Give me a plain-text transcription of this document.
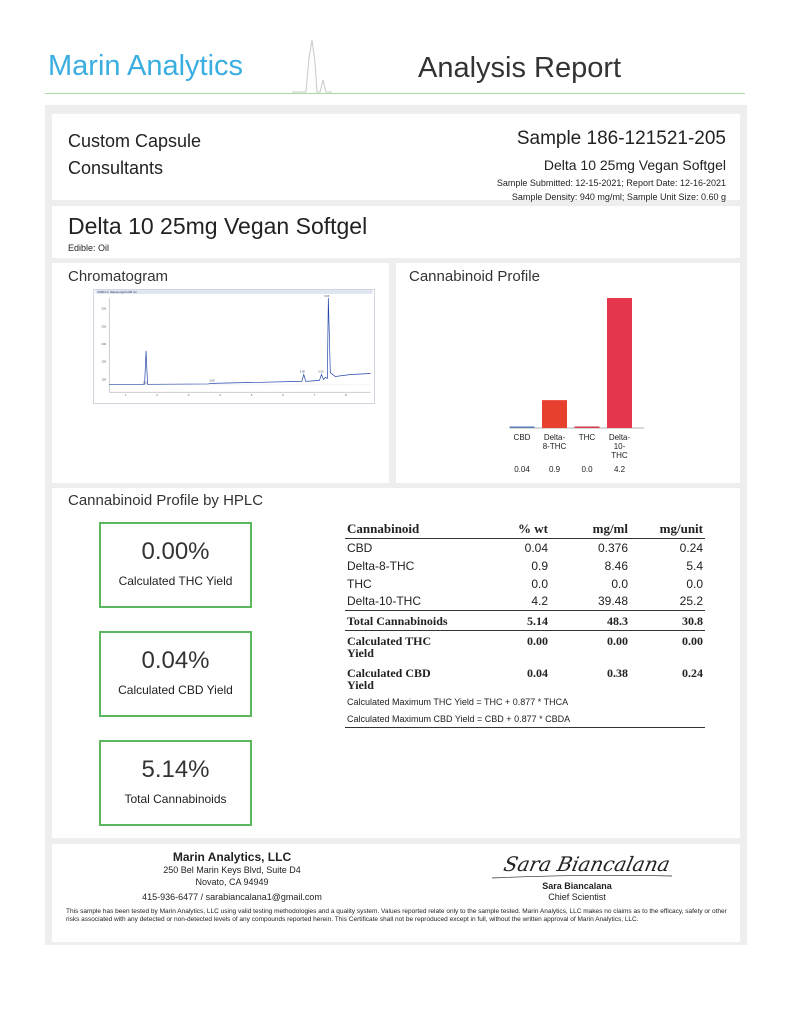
Marin Analytics	Analysis Report
Custom Capsule
Consultants
Sample 186-121521-205
Delta 10 25mg Vegan Softgel
Sample Submitted: 12-15-2021; Report Date: 12-16-2021
Sample Density: 940 mg/ml; Sample Unit Size: 0.60 g
Delta 10 25mg Vegan Softgel
Edible: Oil
Chromatogram
VWD1 A, Wavelength=228 nm
300
250
200
150
100
1	2	3	4	5	6	7	8
1.02
3.68
5.98	6.52
6.63
Cannabinoid Profile
CBD
0.04
Delta-
8-THC
0.9
THC
0.0
Delta-
10-
THC
4.2
Cannabinoid Profile by HPLC
0.00%
Calculated THC Yield
0.04%
Calculated CBD Yield
5.14%
Total Cannabinoids
Cannabinoid	% wt	mg/ml	mg/unit
CBD	0.04	0.376	0.24
Delta-8-THC	0.9	8.46	5.4
THC	0.0	0.0	0.0
Delta-10-THC	4.2	39.48	25.2
Total Cannabinoids	5.14	48.3	30.8
Calculated THC Yield	0.00	0.00	0.00
Calculated CBD Yield	0.04	0.38	0.24
Calculated Maximum THC Yield = THC + 0.877 * THCA			
Calculated Maximum CBD Yield = CBD + 0.877 * CBDA			
Marin Analytics, LLC
250 Bel Marin Keys Blvd, Suite D4
Novato, CA 94949
415-936-6477 / sarabiancalana1@gmail.com
Sara Biancalana
Sara Biancalana
Chief Scientist
This sample has been tested by Marin Analytics, LLC using valid testing methodologies and a quality system. Values reported relate only to the sample tested. Marin Analytics, LLC makes no claims as to the efficacy, safety or other risks associated with any detected or non-detected levels of any compounds reported herein. This Certificate shall not be reproduced except in full, without the written approval of Marin Analytics, LLC.
